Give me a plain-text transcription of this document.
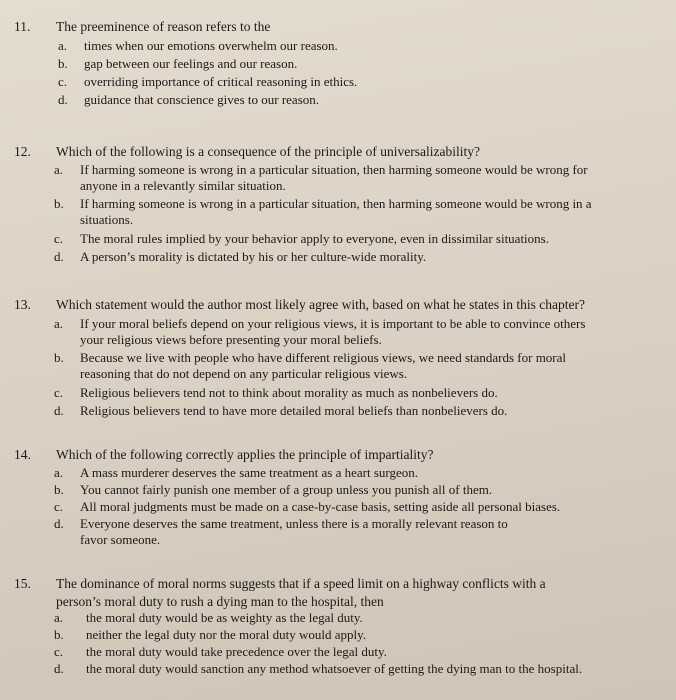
11. The preeminence of reason refers to the
a.	times when our emotions overwhelm our reason.
b.	gap between our feelings and our reason.
c.	overriding importance of critical reasoning in ethics.
d.	guidance that conscience gives to our reason.
12. Which of the following is a consequence of the principle of universalizability?
a.	If harming someone is wrong in a particular situation, then harming someone would be wrong for
anyone in a relevantly similar situation.
b.	If harming someone is wrong in a particular situation, then harming someone would be wrong in a
situations.
c.	The moral rules implied by your behavior apply to everyone, even in dissimilar situations.
d.	A person’s morality is dictated by his or her culture-wide morality.
13. Which statement would the author most likely agree with, based on what he states in this chapter?
a.	If your moral beliefs depend on your religious views, it is important to be able to convince others
your religious views before presenting your moral beliefs.
b.	Because we live with people who have different religious views, we need standards for moral
reasoning that do not depend on any particular religious views.
c.	Religious believers tend not to think about morality as much as nonbelievers do.
d.	Religious believers tend to have more detailed moral beliefs than nonbelievers do.
14. Which of the following correctly applies the principle of impartiality?
a.	A mass murderer deserves the same treatment as a heart surgeon.
b.	You cannot fairly punish one member of a group unless you punish all of them.
c.	All moral judgments must be made on a case-by-case basis, setting aside all personal biases.
d.	Everyone deserves the same treatment, unless there is a morally relevant reason to
favor someone.
15. The dominance of moral norms suggests that if a speed limit on a highway conflicts with a
person’s moral duty to rush a dying man to the hospital, then
a.	the moral duty would be as weighty as the legal duty.
b.	neither the legal duty nor the moral duty would apply.
c.	the moral duty would take precedence over the legal duty.
d.	the moral duty would sanction any method whatsoever of getting the dying man to the hospital.
